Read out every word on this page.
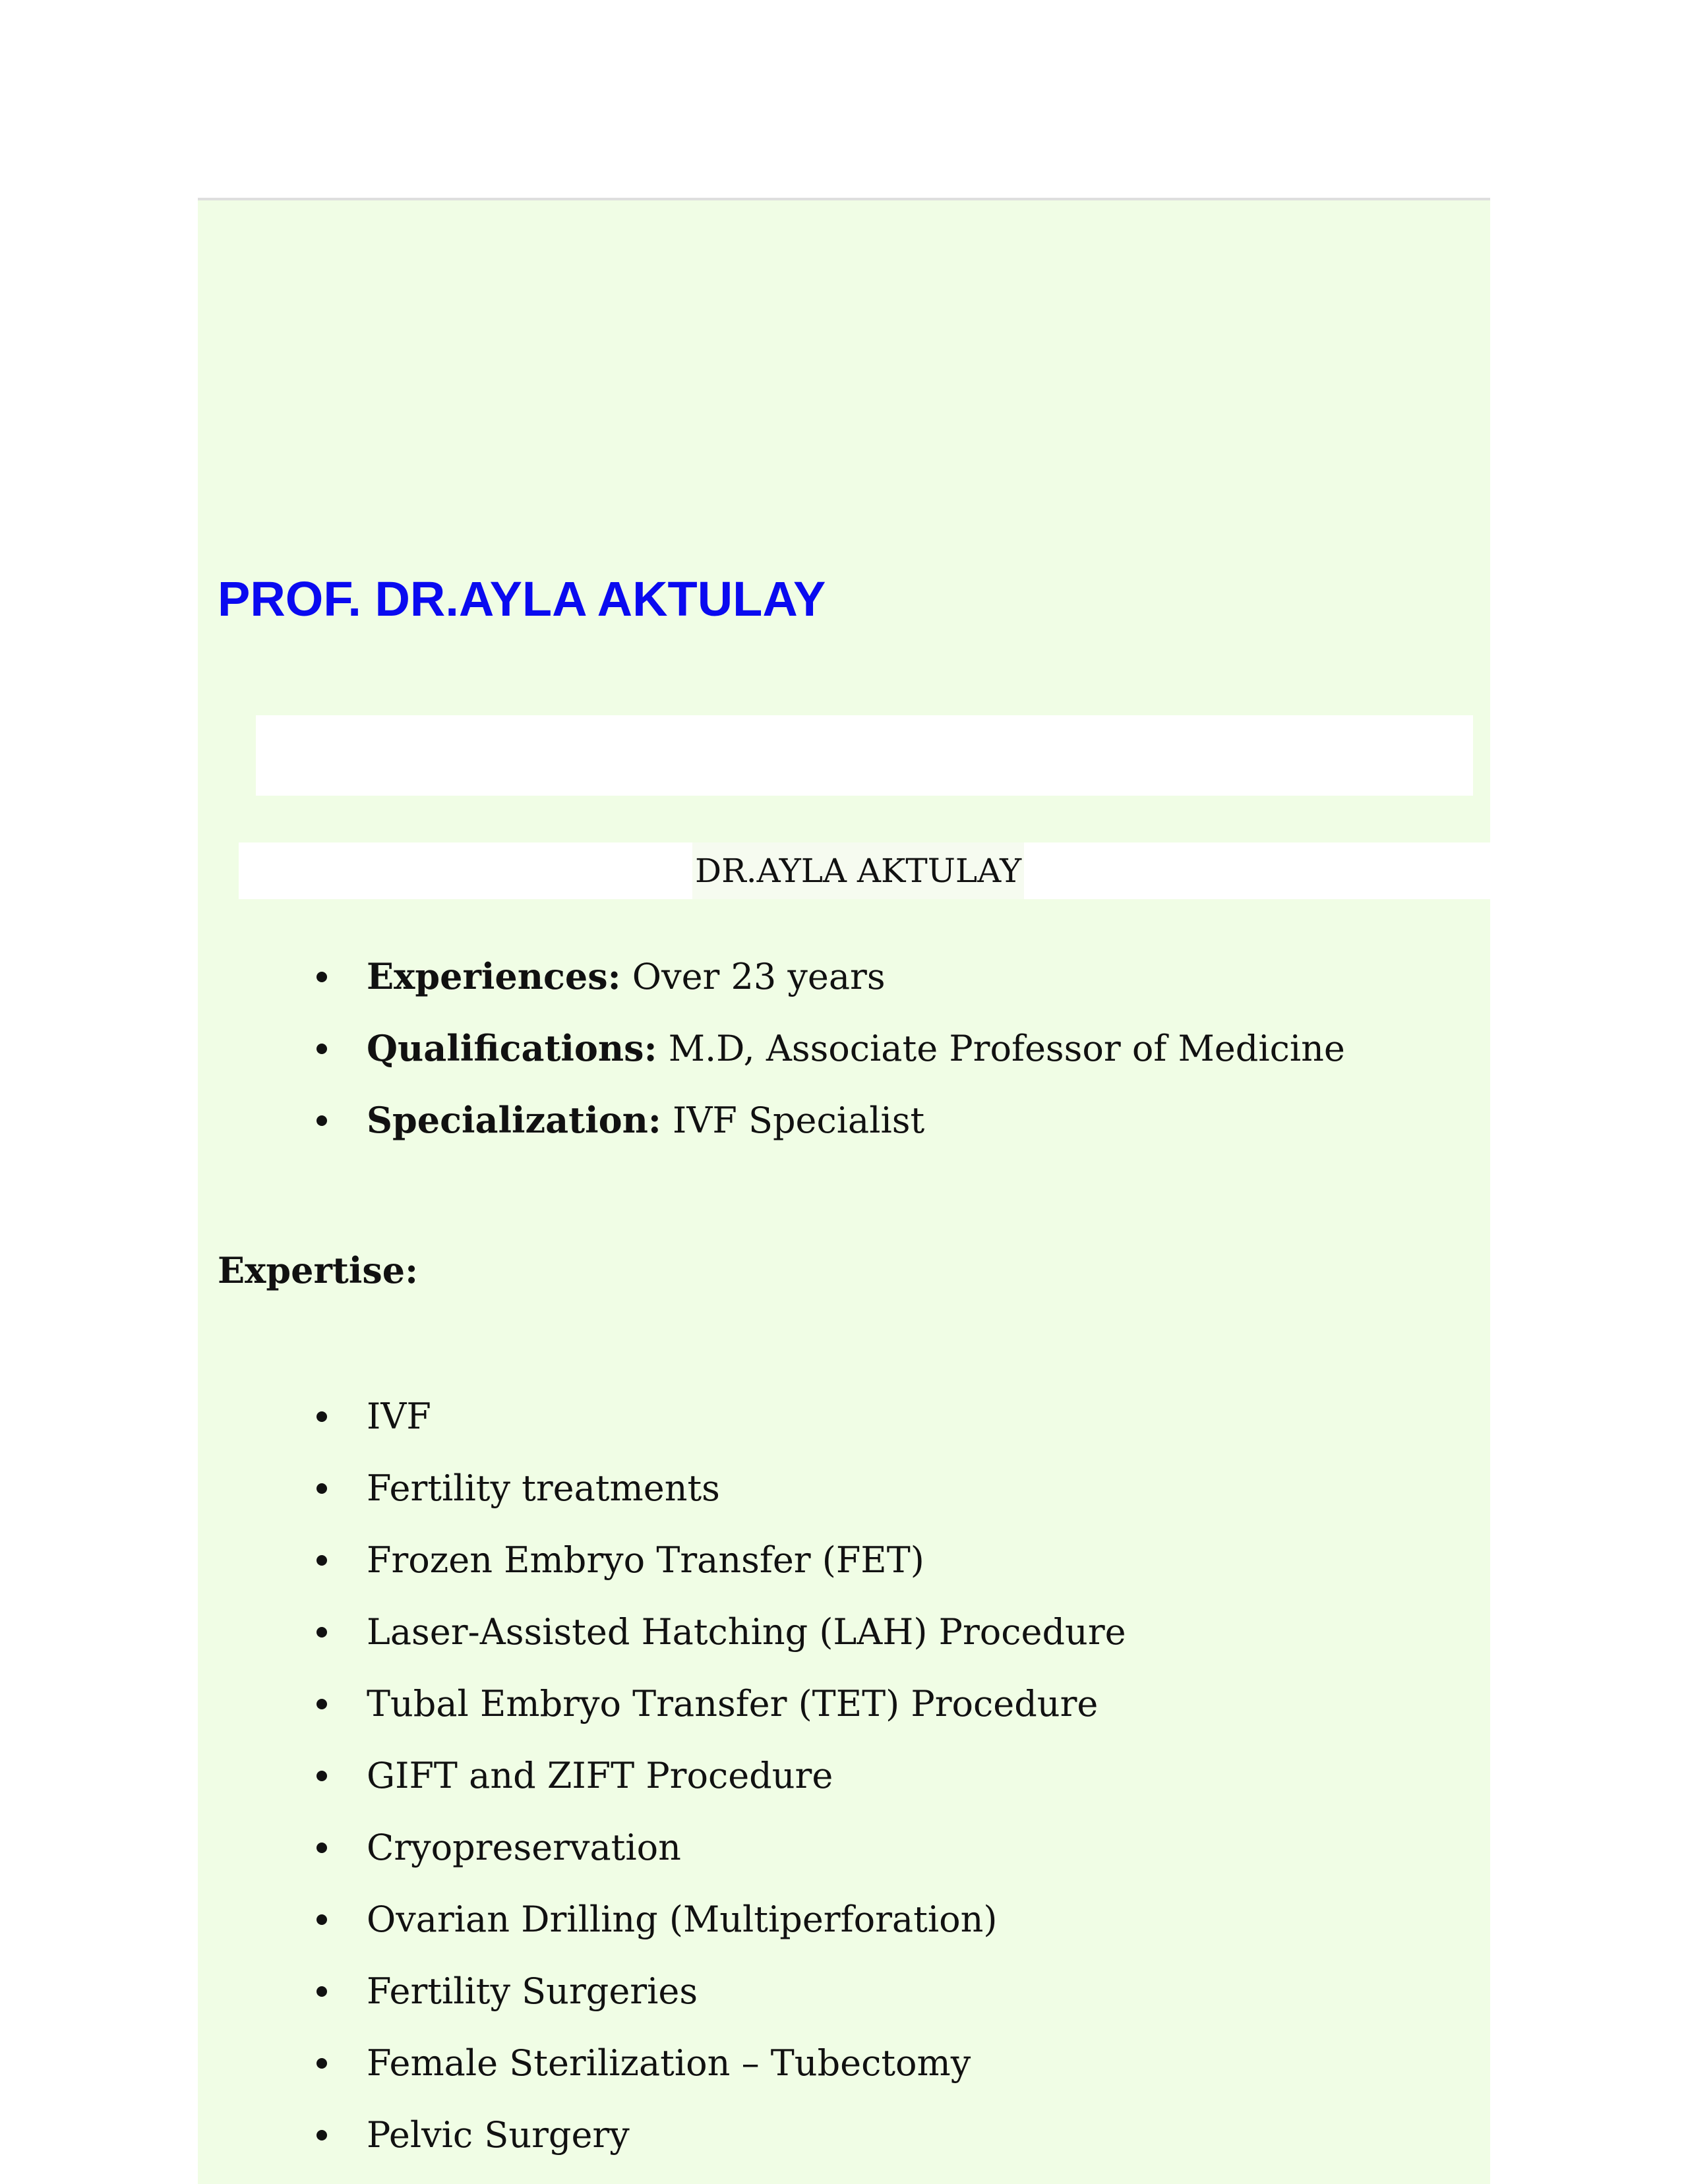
PROF. DR.AYLA AKTULAY
DR.AYLA AKTULAY
Experiences: Over 23 years
Qualifications: M.D, Associate Professor of Medicine
Specialization: IVF Specialist
Expertise:
IVF
Fertility treatments
Frozen Embryo Transfer (FET)
Laser-Assisted Hatching (LAH) Procedure
Tubal Embryo Transfer (TET) Procedure
GIFT and ZIFT Procedure
Cryopreservation
Ovarian Drilling (Multiperforation)
Fertility Surgeries
Female Sterilization – Tubectomy
Pelvic Surgery
